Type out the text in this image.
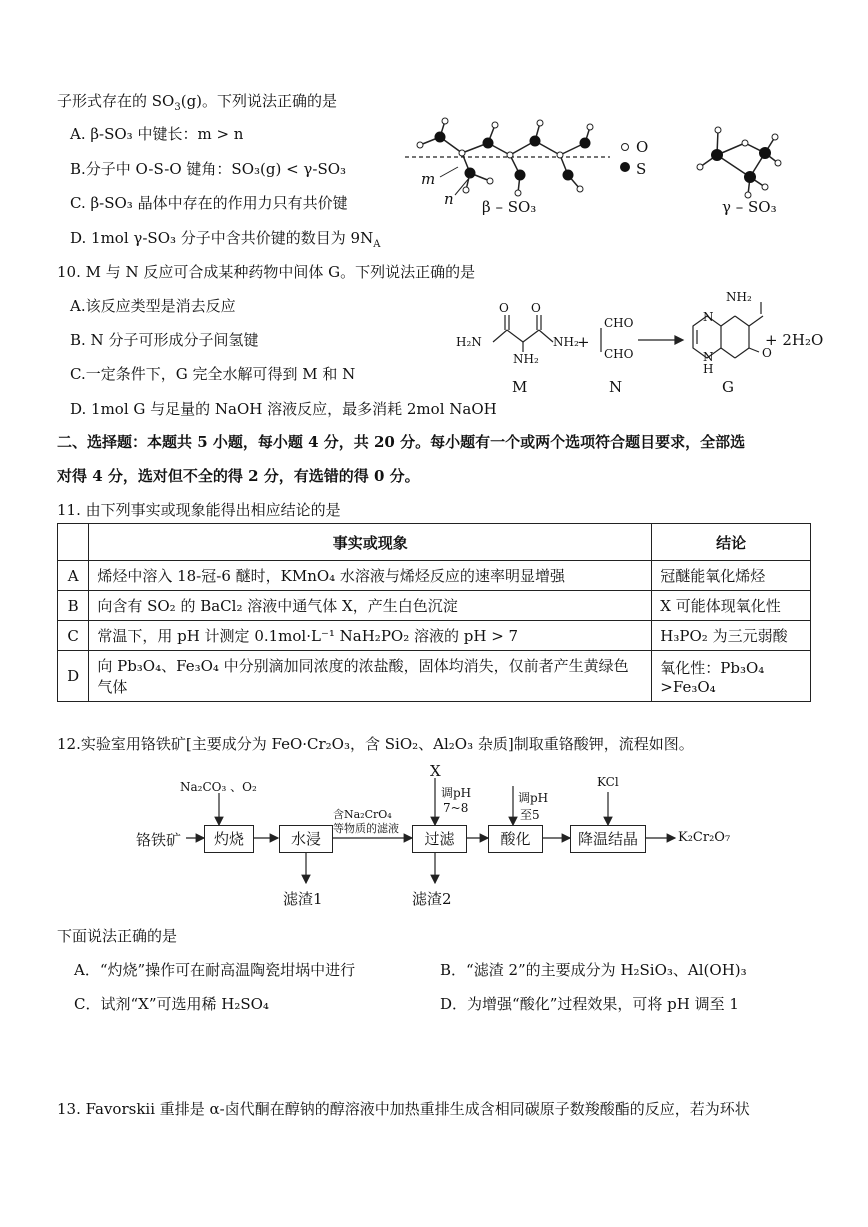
子形式存在的 $SO_3(g)$。下列说法正确的是
A. β-SO₃ 中键长：m > n
B.分子中 O-S-O 键角：SO₃(g) < γ-SO₃
C. β-SO₃ 晶体中存在的作用力只有共价键
D. 1mol γ-SO₃ 分子中含共价键的数目为 $9N_A$
O
S
m
n β – SO₃	γ – SO₃
10. M 与 N 反应可合成某种药物中间体 G。下列说法正确的是
A.该反应类型是消去反应
B. N 分子可形成分子间氢键
C.一定条件下，G 完全水解可得到 M 和 N
D. 1mol G 与足量的 NaOH 溶液反应，最多消耗 2mol NaOH
O O
H₂N	NH₂
NH₂
+
CHO
CHO
NH₂
N
N
H
O
+ 2H₂O
M	N	G
二、选择题：本题共 5 小题，每小题 4 分，共 20 分。每小题有一个或两个选项符合题目要求，全部选
对得 4 分，选对但不全的得 2 分，有选错的得 0 分。
11. 由下列事实或现象能得出相应结论的是
	事实或现象	结论
A	烯烃中溶入 18-冠-6 醚时，KMnO₄ 水溶液与烯烃反应的速率明显增强	冠醚能氧化烯烃
B	向含有 SO₂ 的 BaCl₂ 溶液中通气体 X，产生白色沉淀	X 可能体现氧化性
C	常温下，用 pH 计测定 0.1mol·L⁻¹ NaH₂PO₂ 溶液的 pH > 7	H₃PO₂ 为三元弱酸
D	向 Pb₃O₄、Fe₃O₄ 中分别滴加同浓度的浓盐酸，固体均消失，仅前者产生黄绿色气体	氧化性：Pb₃O₄ >Fe₃O₄
12.实验室用铬铁矿[主要成分为 FeO·Cr₂O₃，含 SiO₂、Al₂O₃ 杂质]制取重铬酸钾，流程如图。
铬铁矿
Na₂CO₃ 、O₂
灼烧	水浸
含Na₂CrO₄
等物质的滤液
X
调pH
7~8
过滤
调pH
至5
酸化
KCl
降温结晶	K₂Cr₂O₇
滤渣1	滤渣2
下面说法正确的是
A．“灼烧”操作可在耐高温陶瓷坩埚中进行	B．“滤渣 2”的主要成分为 H₂SiO₃、Al(OH)₃
C．试剂“X”可选用稀 H₂SO₄	D．为增强“酸化”过程效果，可将 pH 调至 1
13. Favorskii 重排是 α-卤代酮在醇钠的醇溶液中加热重排生成含相同碳原子数羧酸酯的反应，若为环状
